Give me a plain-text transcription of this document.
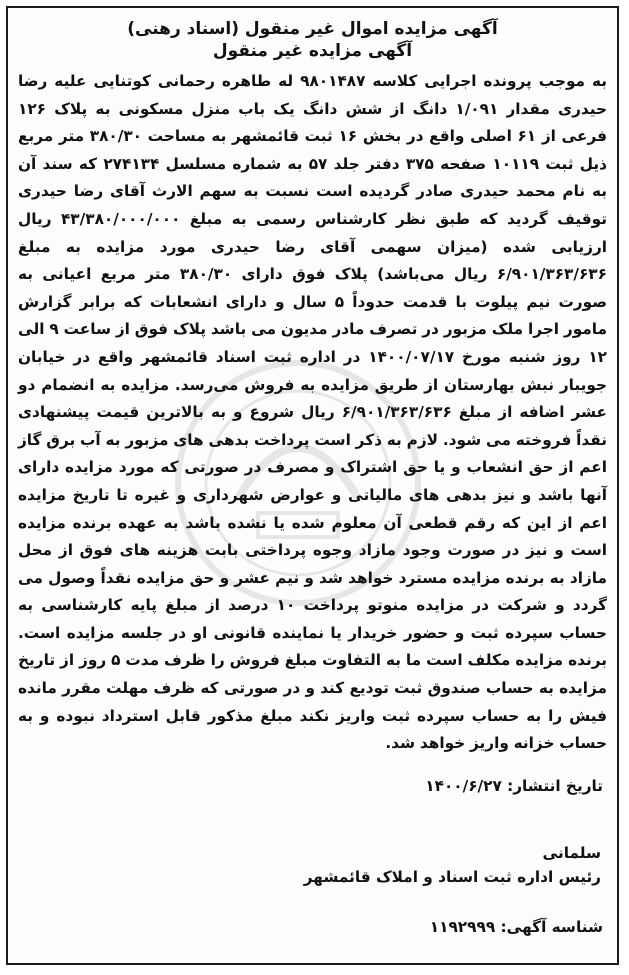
آگهی مزایده اموال غیر منقول (اسناد رهنی)
آگهی مزایده غیر منقول

به موجب پرونده اجرایی کلاسه ۹۸۰۱۴۸۷ له طاهره رحمانی کوتنایی علیه رضا حیدری مقدار ۱/۰۹۱ دانگ از شش دانگ یک باب منزل مسکونی به پلاک ۱۲۶ فرعی از ۶۱ اصلی واقع در بخش ۱۶ ثبت قائمشهر به مساحت ۳۸۰/۳۰ متر مربع ذیل ثبت ۱۰۱۱۹ صفحه ۳۷۵ دفتر جلد ۵۷ به شماره مسلسل ۲۷۴۱۳۴ که سند آن به نام محمد حیدری صادر گردیده است نسبت به سهم الارث آقای رضا حیدری توقیف گردید که طبق نظر کارشناس رسمی به مبلغ ۴۳/۳۸۰/۰۰۰/۰۰۰ ریال ارزیابی شده (میزان سهمی آقای رضا حیدری مورد مزایده به مبلغ ۶/۹۰۱/۳۶۳/۶۳۶ ریال می‌باشد) پلاک فوق دارای ۳۸۰/۳۰ متر مربع اعیانی به صورت نیم پیلوت با قدمت حدوداً ۵ سال و دارای انشعابات که برابر گزارش مامور اجرا ملک مزبور در تصرف مادر مدیون می باشد پلاک فوق از ساعت ۹ الی ۱۲ روز شنبه مورخ ۱۴۰۰/۰۷/۱۷ در اداره ثبت اسناد قائمشهر واقع در خیابان جویبار نبش بهارستان از طریق مزایده به فروش می‌رسد. مزایده به انضمام دو عشر اضافه از مبلغ ۶/۹۰۱/۳۶۳/۶۳۶ ریال شروع و به بالاترین قیمت پیشنهادی نقداً فروخته می شود. لازم به ذکر است پرداخت بدهی های مزبور به آب برق گاز اعم از حق انشعاب و یا حق اشتراک و مصرف در صورتی که مورد مزایده دارای آنها باشد و نیز بدهی های مالیاتی و عوارض شهرداری و غیره تا تاریخ مزایده اعم از این که رقم قطعی آن معلوم شده یا نشده باشد به عهده برنده مزایده است و نیز در صورت وجود مازاد وجوه پرداختی بابت هزینه های فوق از محل مازاد به برنده مزایده مسترد خواهد شد و نیم عشر و حق مزایده نقداً وصول می گردد و شرکت در مزایده منوتو پرداخت ۱۰ درصد از مبلغ پایه کارشناسی به حساب سپرده ثبت و حضور خریدار یا نماینده قانونی او در جلسه مزایده است. برنده مزایده مکلف است ما به التفاوت مبلغ فروش را ظرف مدت ۵ روز از تاریخ مزایده به حساب صندوق ثبت تودیع کند و در صورتی که ظرف مهلت مقرر مانده فیش را به حساب سپرده ثبت واریز نکند مبلغ مذکور قابل استرداد نبوده و به حساب خزانه واریز خواهد شد.

تاریخ انتشار: ۱۴۰۰/۶/۲۷
سلمانی
رئیس اداره ثبت اسناد و املاک قائمشهر
شناسه آگهی: ۱۱۹۲۹۹۹
